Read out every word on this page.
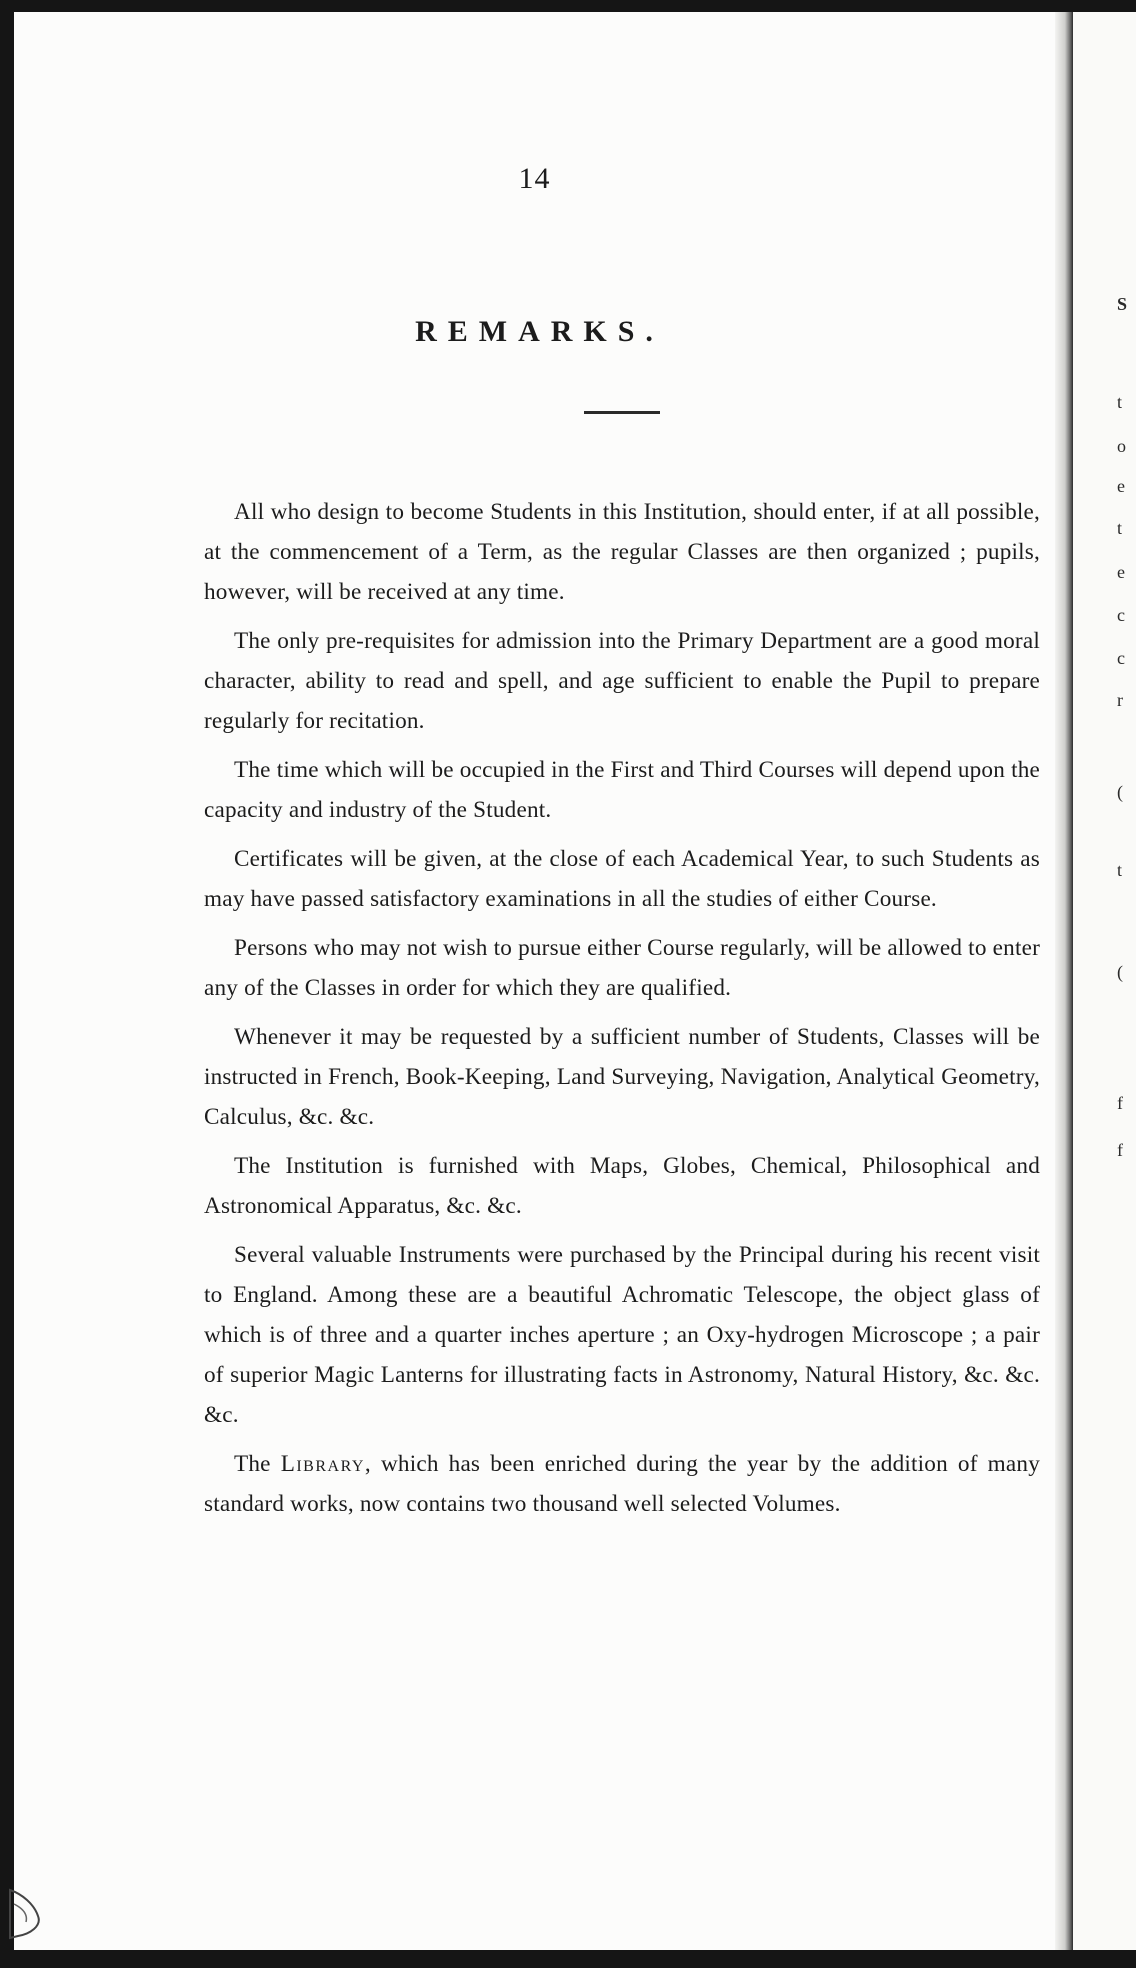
14
REMARKS.

All who design to become Students in this Institution, should enter, if at all possible, at the commencement of a Term, as the regular Classes are then organized ; pupils, however, will be received at any time.

The only pre-requisites for admission into the Primary Department are a good moral character, ability to read and spell, and age sufficient to enable the Pupil to prepare regularly for recitation.

The time which will be occupied in the First and Third Courses will depend upon the capacity and industry of the Student.

Certificates will be given, at the close of each Academical Year, to such Students as may have passed satisfactory examinations in all the studies of either Course.

Persons who may not wish to pursue either Course regularly, will be allowed to enter any of the Classes in order for which they are qualified.

Whenever it may be requested by a sufficient number of Students, Classes will be instructed in French, Book-Keeping, Land Surveying, Navigation, Analytical Geometry, Calculus, &c. &c.

The Institution is furnished with Maps, Globes, Chemical, Philosophical and Astronomical Apparatus, &c. &c.

Several valuable Instruments were purchased by the Principal during his recent visit to England. Among these are a beautiful Achromatic Telescope, the object glass of which is of three and a quarter inches aperture ; an Oxy-hydrogen Microscope ; a pair of superior Magic Lanterns for illustrating facts in Astronomy, Natural History, &c. &c. &c.

The Library, which has been enriched during the year by the addition of many standard works, now contains two thousand well selected Volumes.

S
t
o
e
t
e
c
c
r
(
t
(
f
f
